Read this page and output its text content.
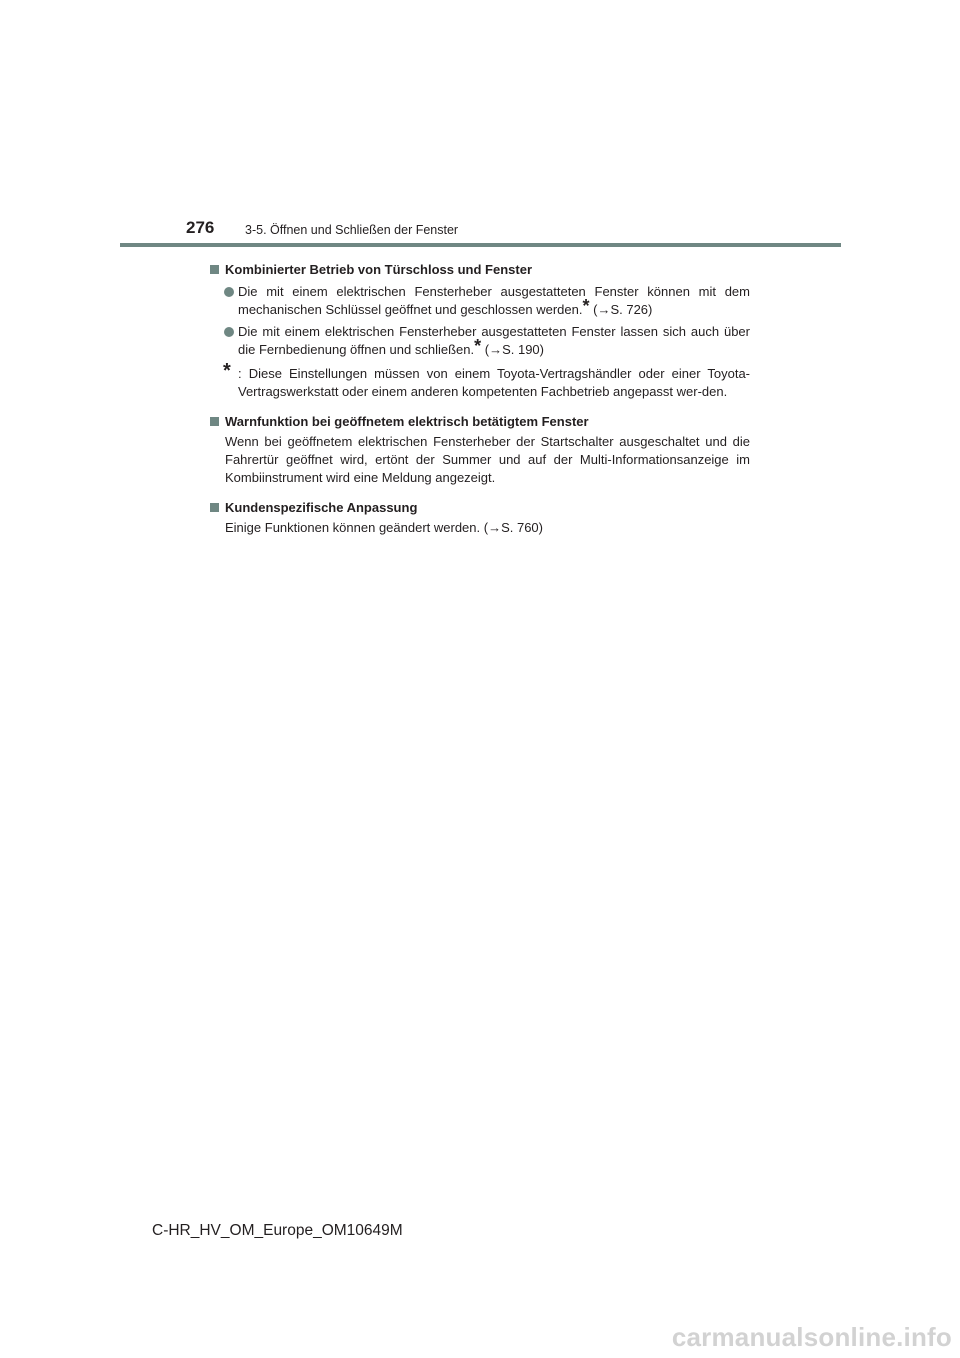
276 3-5. Öffnen und Schließen der Fenster
Kombinierter Betrieb von Türschloss und Fenster
Die mit einem elektrischen Fensterheber ausgestatteten Fenster können mit dem mechanischen Schlüssel geöffnet und geschlossen werden.* (→S. 726)
Die mit einem elektrischen Fensterheber ausgestatteten Fenster lassen sich auch über die Fernbedienung öffnen und schließen.* (→S. 190)
* : Diese Einstellungen müssen von einem Toyota-Vertragshändler oder einer Toyota-Vertragswerkstatt oder einem anderen kompetenten Fachbetrieb angepasst wer-den.
Warnfunktion bei geöffnetem elektrisch betätigtem Fenster
Wenn bei geöffnetem elektrischen Fensterheber der Startschalter ausgeschaltet und die Fahrertür geöffnet wird, ertönt der Summer und auf der Multi-Informationsanzeige im Kombiinstrument wird eine Meldung angezeigt.
Kundenspezifische Anpassung
Einige Funktionen können geändert werden. (→S. 760)
C-HR_HV_OM_Europe_OM10649M
carmanualsonline.info
